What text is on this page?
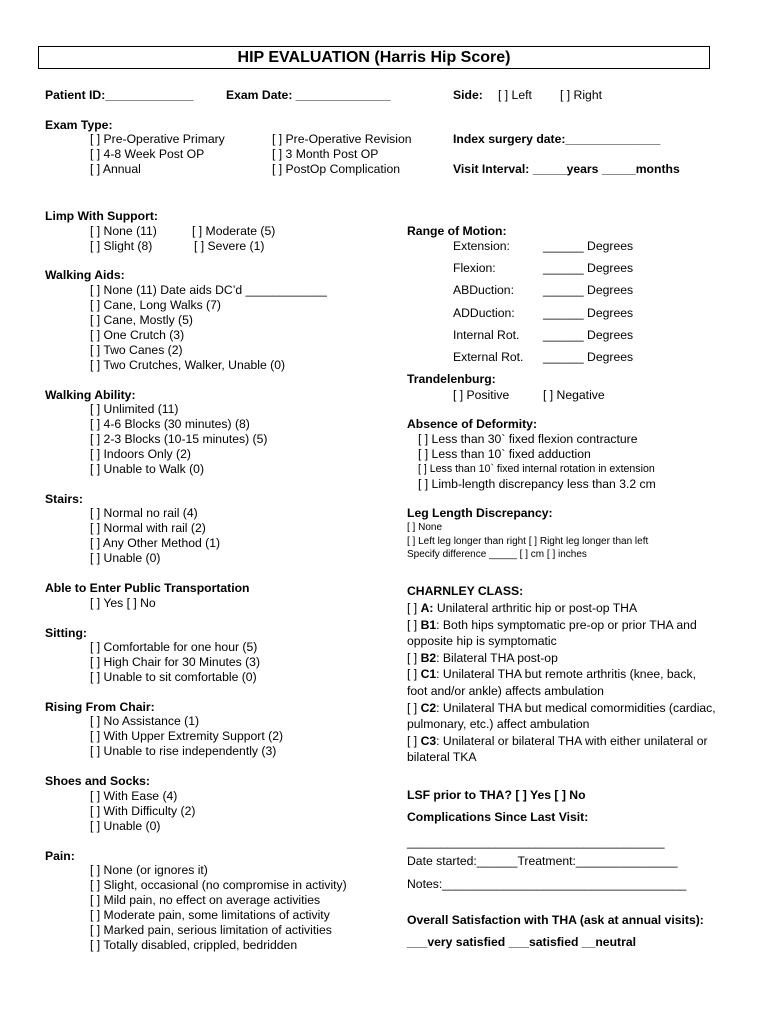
HIP EVALUATION (Harris Hip Score)
Patient ID:_____________	Exam Date: ______________	Side: [ ] Left [ ] Right
Exam Type:
[ ] Pre-Operative Primary
[ ] 4-8 Week Post OP
[ ] Annual
[ ] Pre-Operative Revision
[ ] 3 Month Post OP
[ ] PostOp Complication
Index surgery date:______________
Visit Interval: _____years _____months
Limp With Support:
[ ] None (11)	[ ] Moderate (5)
[ ] Slight (8)	[ ] Severe (1)
Walking Aids:
[ ] None (11) Date aids DC’d ____________
[ ] Cane, Long Walks (7)
[ ] Cane, Mostly (5)
[ ] One Crutch (3)
[ ] Two Canes (2)
[ ] Two Crutches, Walker, Unable (0)
Walking Ability:
[ ] Unlimited (11)
[ ] 4-6 Blocks (30 minutes) (8)
[ ] 2-3 Blocks (10-15 minutes) (5)
[ ] Indoors Only (2)
[ ] Unable to Walk (0)
Stairs:
[ ] Normal no rail (4)
[ ] Normal with rail (2)
[ ] Any Other Method (1)
[ ] Unable (0)
Able to Enter Public Transportation
[ ] Yes [ ] No
Sitting:
[ ] Comfortable for one hour (5)
[ ] High Chair for 30 Minutes (3)
[ ] Unable to sit comfortable (0)
Rising From Chair:
[ ] No Assistance (1)
[ ] With Upper Extremity Support (2)
[ ] Unable to rise independently (3)
Shoes and Socks:
[ ] With Ease (4)
[ ] With Difficulty (2)
[ ] Unable (0)
Pain:
[ ] None (or ignores it)
[ ] Slight, occasional (no compromise in activity)
[ ] Mild pain, no effect on average activities
[ ] Moderate pain, some limitations of activity
[ ] Marked pain, serious limitation of activities
[ ] Totally disabled, crippled, bedridden
Range of Motion:
Extension:	______ Degrees
Flexion:	______ Degrees
ABDuction: ______ Degrees
ADDuction: ______ Degrees
Internal Rot. ______ Degrees
External Rot. ______ Degrees
Trandelenburg:
[ ] Positive	[ ] Negative
Absence of Deformity:
[ ] Less than 30` fixed flexion contracture
[ ] Less than 10` fixed adduction
[ ] Less than 10` fixed internal rotation in extension
[ ] Limb-length discrepancy less than 3.2 cm
Leg Length Discrepancy:
[ ] None
[ ] Left leg longer than right [ ] Right leg longer than left
Specify difference _____ [ ] cm [ ] inches
CHARNLEY CLASS:
[ ] A: Unilateral arthritic hip or post-op THA
[ ] B1: Both hips symptomatic pre-op or prior THA and opposite hip is symptomatic
[ ] B2: Bilateral THA post-op
[ ] C1: Unilateral THA but remote arthritis (knee, back, foot and/or ankle) affects ambulation
[ ] C2: Unilateral THA but medical comormidities (cardiac, pulmonary, etc.) affect ambulation
[ ] C3: Unilateral or bilateral THA with either unilateral or bilateral TKA
LSF prior to THA? [ ] Yes [ ] No
Complications Since Last Visit:
______________________________________
Date started:______Treatment:_______________
Notes:____________________________________
Overall Satisfaction with THA (ask at annual visits):
___very satisfied ___satisfied __neutral
